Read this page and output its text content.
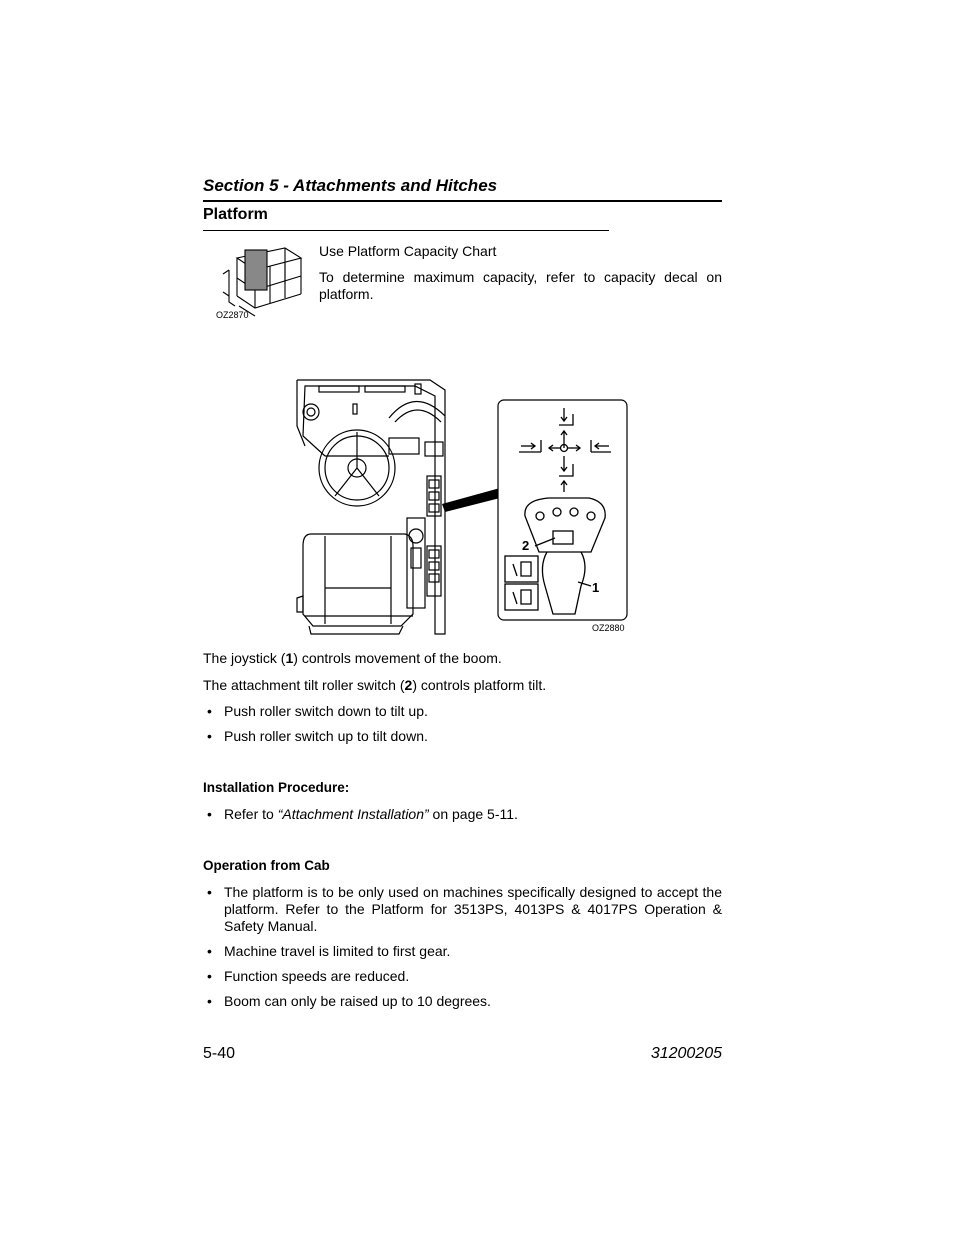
Section 5 - Attachments and Hitches
Platform
OZ2870
Use Platform Capacity Chart
To determine maximum capacity, refer to capacity decal on platform.
2
1
OZ2880
The joystick (1) controls movement of the boom.
The attachment tilt roller switch (2) controls platform tilt.
• Push roller switch down to tilt up.
• Push roller switch up to tilt down.
Installation Procedure:
• Refer to “Attachment Installation” on page 5-11.
Operation from Cab
• The platform is to be only used on machines specifically designed to accept the platform. Refer to the Platform for 3513PS, 4013PS & 4017PS Operation & Safety Manual.
• Machine travel is limited to first gear.
• Function speeds are reduced.
• Boom can only be raised up to 10 degrees.
5-40	31200205
